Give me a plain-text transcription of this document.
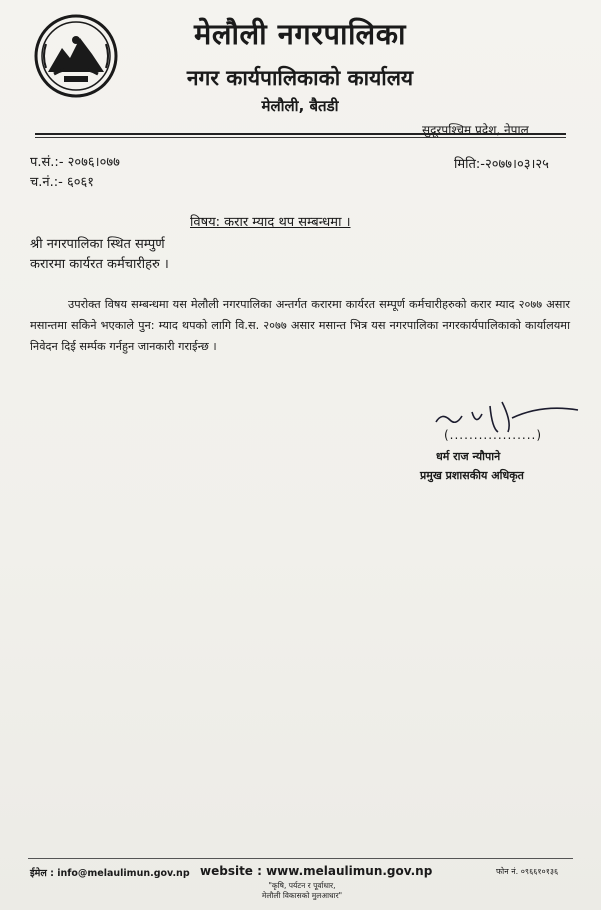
मेलौली नगरपालिका
नगर कार्यपालिकाको कार्यालय
मेलौली, बैतडी
सुदूरपश्चिम प्रदेश, नेपाल
प.सं.:- २०७६।०७७
च.नं.:- ६०६१
मिति:-२०७७।०३।२५
विषय: करार म्याद थप सम्बन्धमा ।
श्री नगरपालिका स्थित सम्पुर्ण
करारमा कार्यरत कर्मचारीहरु ।
उपरोक्त विषय सम्बन्धमा यस मेलौली नगरपालिका अन्तर्गत करारमा कार्यरत सम्पूर्ण कर्मचारीहरुको करार म्याद २०७७ असार मसान्तमा सकिने भएकाले पुन: म्याद थपको लागि वि.स. २०७७ असार मसान्त भित्र यस नगरपालिका नगरकार्यपालिकाको कार्यालयमा निवेदन दिई सर्म्पक गर्नहुन जानकारी गराईन्छ ।
(..................)
धर्म राज न्यौपाने
प्रमुख प्रशासकीय अधिकृत
ईमेल : info@melaulimun.gov.np website : www.melaulimun.gov.np	फोन नं. ०९६६१०१३६
"कृषि, पर्यटन र पूर्वाधार,
मेलौली विकासको मुलआधार"
